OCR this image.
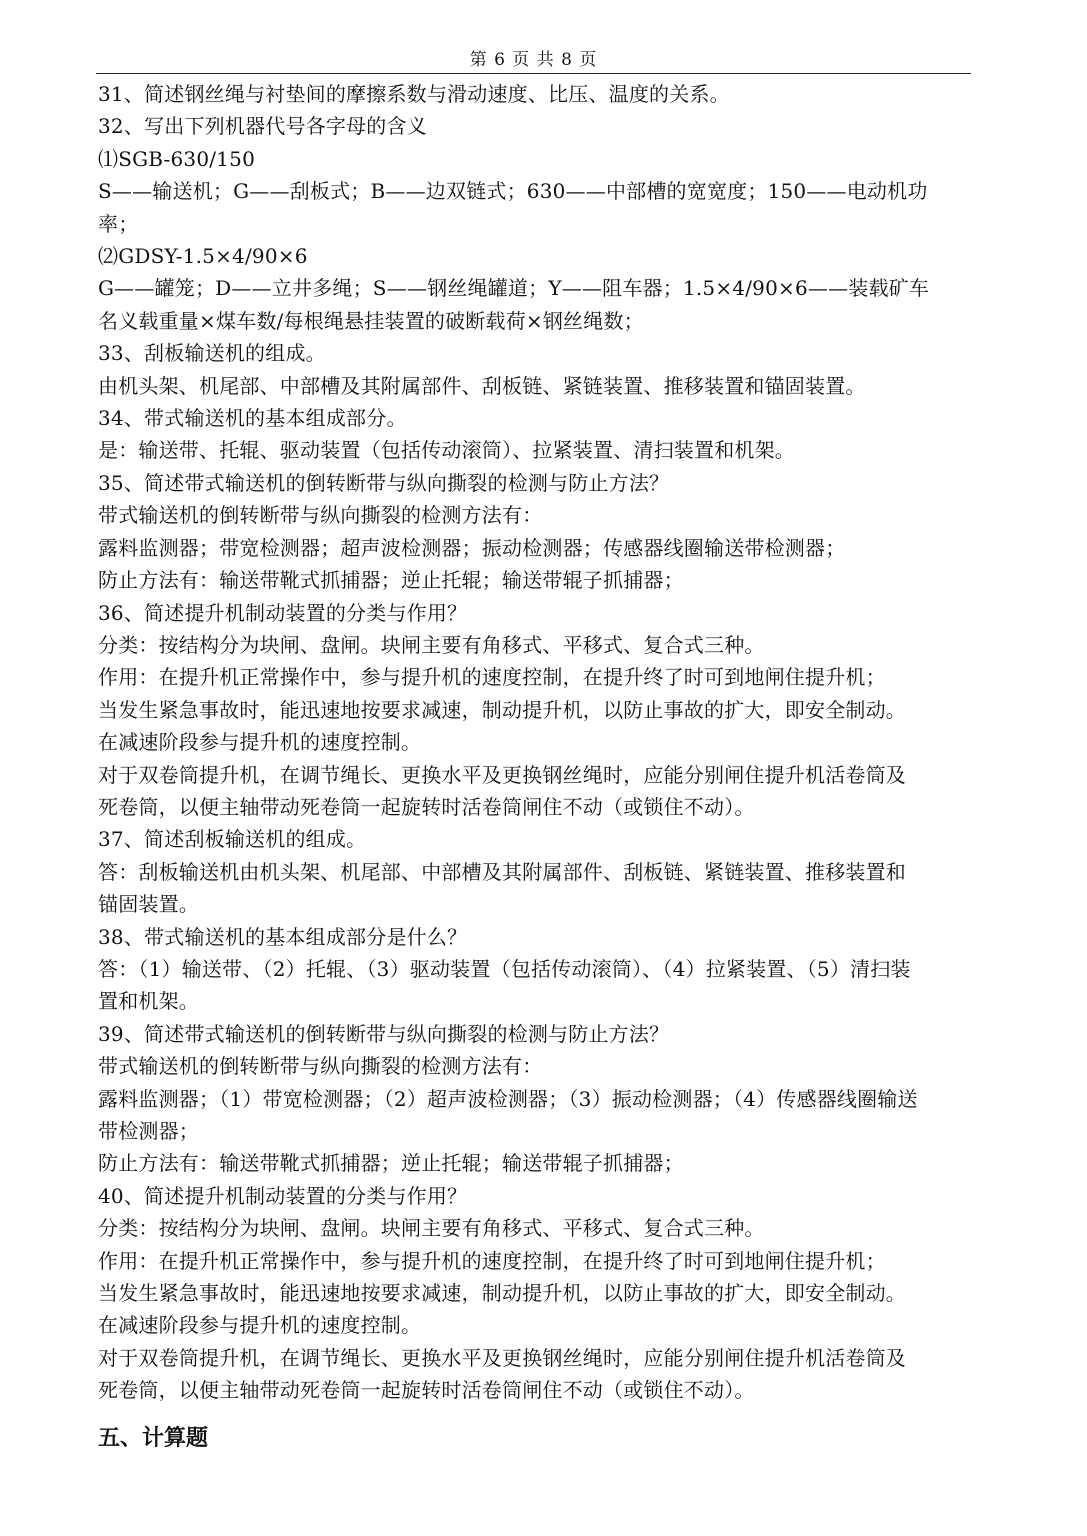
第 6 页 共 8 页
31、简述钢丝绳与衬垫间的摩擦系数与滑动速度、比压、温度的关系。
32、写出下列机器代号各字母的含义
⑴SGB-630/150
S——输送机；G——刮板式；B——边双链式；630——中部槽的宽宽度；150——电动机功
率；
⑵GDSY-1.5×4/90×6
G——罐笼；D——立井多绳；S——钢丝绳罐道；Y——阻车器；1.5×4/90×6——装载矿车
名义载重量×煤车数/每根绳悬挂装置的破断载荷×钢丝绳数；
33、刮板输送机的组成。
由机头架、机尾部、中部槽及其附属部件、刮板链、紧链装置、推移装置和锚固装置。
34、带式输送机的基本组成部分。
是：输送带、托辊、驱动装置（包括传动滚筒）、拉紧装置、清扫装置和机架。
35、简述带式输送机的倒转断带与纵向撕裂的检测与防止方法？
带式输送机的倒转断带与纵向撕裂的检测方法有：
露料监测器；带宽检测器；超声波检测器；振动检测器；传感器线圈输送带检测器；
防止方法有：输送带靴式抓捕器；逆止托辊；输送带辊子抓捕器；
36、简述提升机制动装置的分类与作用？
分类：按结构分为块闸、盘闸。块闸主要有角移式、平移式、复合式三种。
作用：在提升机正常操作中，参与提升机的速度控制，在提升终了时可到地闸住提升机；
当发生紧急事故时，能迅速地按要求减速，制动提升机，以防止事故的扩大，即安全制动。
在减速阶段参与提升机的速度控制。
对于双卷筒提升机，在调节绳长、更换水平及更换钢丝绳时，应能分别闸住提升机活卷筒及
死卷筒，以便主轴带动死卷筒一起旋转时活卷筒闸住不动（或锁住不动）。
37、简述刮板输送机的组成。
答：刮板输送机由机头架、机尾部、中部槽及其附属部件、刮板链、紧链装置、推移装置和
锚固装置。
38、带式输送机的基本组成部分是什么？
答：（1）输送带、（2）托辊、（3）驱动装置（包括传动滚筒）、（4）拉紧装置、（5）清扫装
置和机架。
39、简述带式输送机的倒转断带与纵向撕裂的检测与防止方法？
带式输送机的倒转断带与纵向撕裂的检测方法有：
露料监测器；（1）带宽检测器；（2）超声波检测器；（3）振动检测器；（4）传感器线圈输送
带检测器；
防止方法有：输送带靴式抓捕器；逆止托辊；输送带辊子抓捕器；
40、简述提升机制动装置的分类与作用？
分类：按结构分为块闸、盘闸。块闸主要有角移式、平移式、复合式三种。
作用：在提升机正常操作中，参与提升机的速度控制，在提升终了时可到地闸住提升机；
当发生紧急事故时，能迅速地按要求减速，制动提升机，以防止事故的扩大，即安全制动。
在减速阶段参与提升机的速度控制。
对于双卷筒提升机，在调节绳长、更换水平及更换钢丝绳时，应能分别闸住提升机活卷筒及
死卷筒，以便主轴带动死卷筒一起旋转时活卷筒闸住不动（或锁住不动）。
五、计算题
